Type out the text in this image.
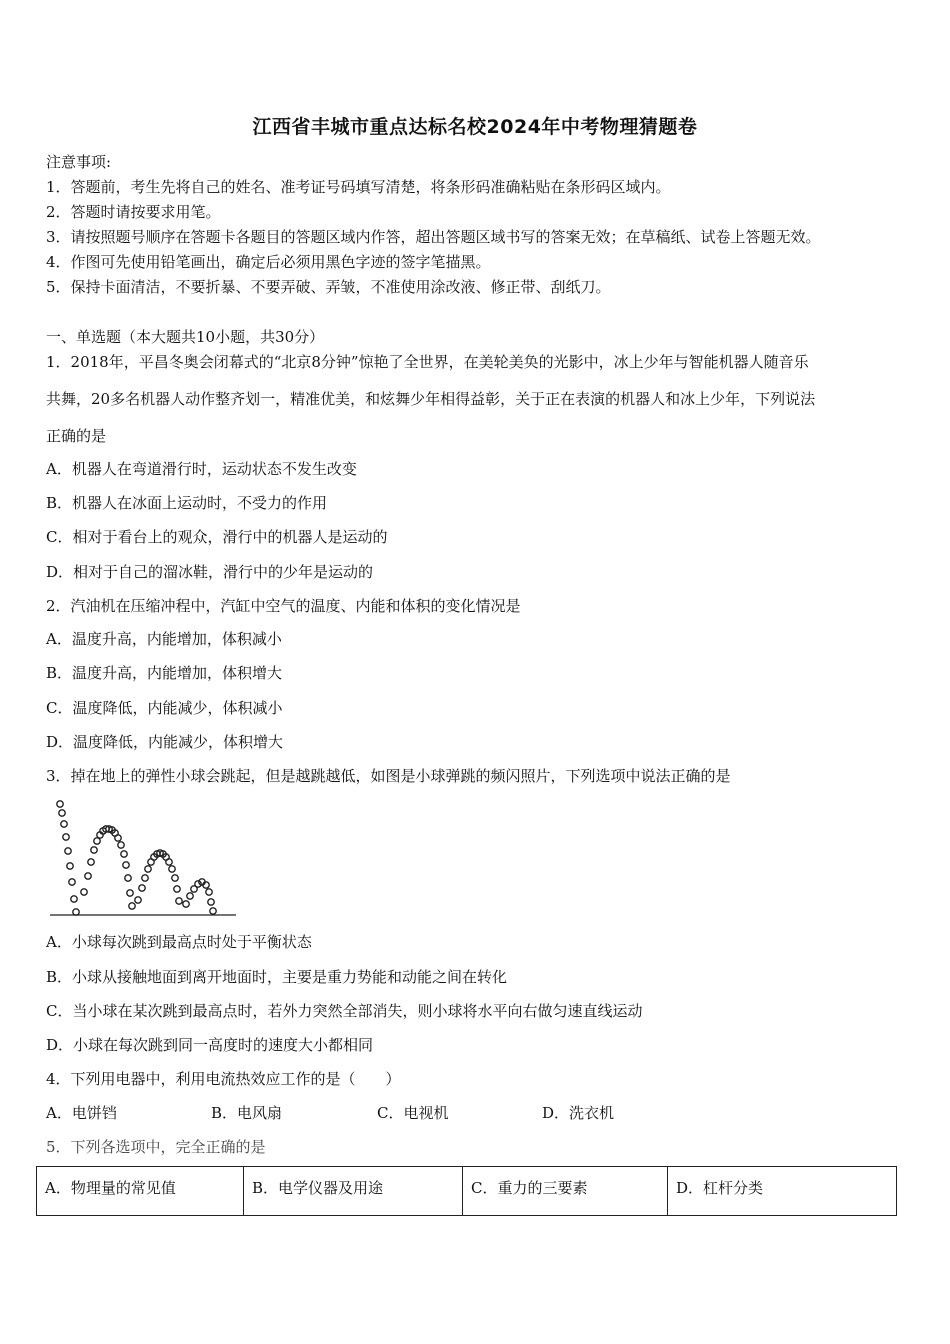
江西省丰城市重点达标名校2024年中考物理猜题卷
注意事项:
1．答题前，考生先将自己的姓名、准考证号码填写清楚，将条形码准确粘贴在条形码区域内。
2．答题时请按要求用笔。
3．请按照题号顺序在答题卡各题目的答题区域内作答，超出答题区域书写的答案无效；在草稿纸、试卷上答题无效。
4．作图可先使用铅笔画出，确定后必须用黑色字迹的签字笔描黑。
5．保持卡面清洁，不要折暴、不要弄破、弄皱，不准使用涂改液、修正带、刮纸刀。
一、单选题（本大题共10小题，共30分）
1．2018年，平昌冬奥会闭幕式的“北京8分钟”惊艳了全世界，在美轮美奂的光影中，冰上少年与智能机器人随音乐
共舞，20多名机器人动作整齐划一，精准优美，和炫舞少年相得益彰，关于正在表演的机器人和冰上少年，下列说法
正确的是
A．机器人在弯道滑行时，运动状态不发生改变
B．机器人在冰面上运动时，不受力的作用
C．相对于看台上的观众，滑行中的机器人是运动的
D．相对于自己的溜冰鞋，滑行中的少年是运动的
2．汽油机在压缩冲程中，汽缸中空气的温度、内能和体积的变化情况是
A．温度升高，内能增加，体积减小
B．温度升高，内能增加，体积增大
C．温度降低，内能减少，体积减小
D．温度降低，内能减少，体积增大
3．掉在地上的弹性小球会跳起，但是越跳越低，如图是小球弹跳的频闪照片，下列选项中说法正确的是
A．小球每次跳到最高点时处于平衡状态
B．小球从接触地面到离开地面时，主要是重力势能和动能之间在转化
C．当小球在某次跳到最高点时，若外力突然全部消失，则小球将水平向右做匀速直线运动
D．小球在每次跳到同一高度时的速度大小都相同
4．下列用电器中，利用电流热效应工作的是（　　）
A．电饼铛	B．电风扇	C．电视机	D．洗衣机
5．下列各选项中，完全正确的是
A．物理量的常见值	B．电学仪器及用途	C．重力的三要素	D．杠杆分类
